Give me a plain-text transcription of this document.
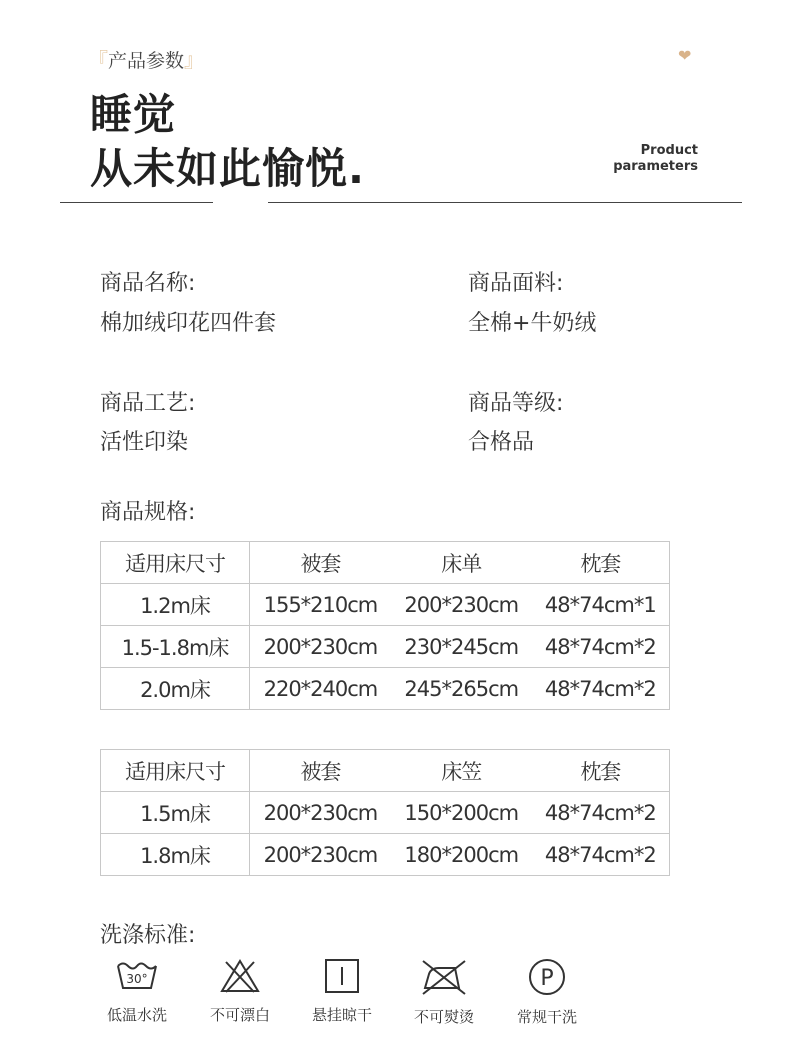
『产品参数』	❤
睡觉
从未如此愉悦.	Product
parameters
商品名称:
棉加绒印花四件套
商品面料:
全棉+牛奶绒
商品工艺:
活性印染
商品等级:
合格品
商品规格:
适用床尺寸	被套	床单	枕套
1.2m床	155*210cm	200*230cm	48*74cm*1
1.5-1.8m床	200*230cm	230*245cm	48*74cm*2
2.0m床	220*240cm	245*265cm	48*74cm*2
适用床尺寸	被套	床笠	枕套
1.5m床	200*230cm	150*200cm	48*74cm*2
1.8m床	200*230cm	180*200cm	48*74cm*2
洗涤标准:
30°
低温水洗	不可漂白	悬挂晾干	不可熨烫
P
常规干洗
